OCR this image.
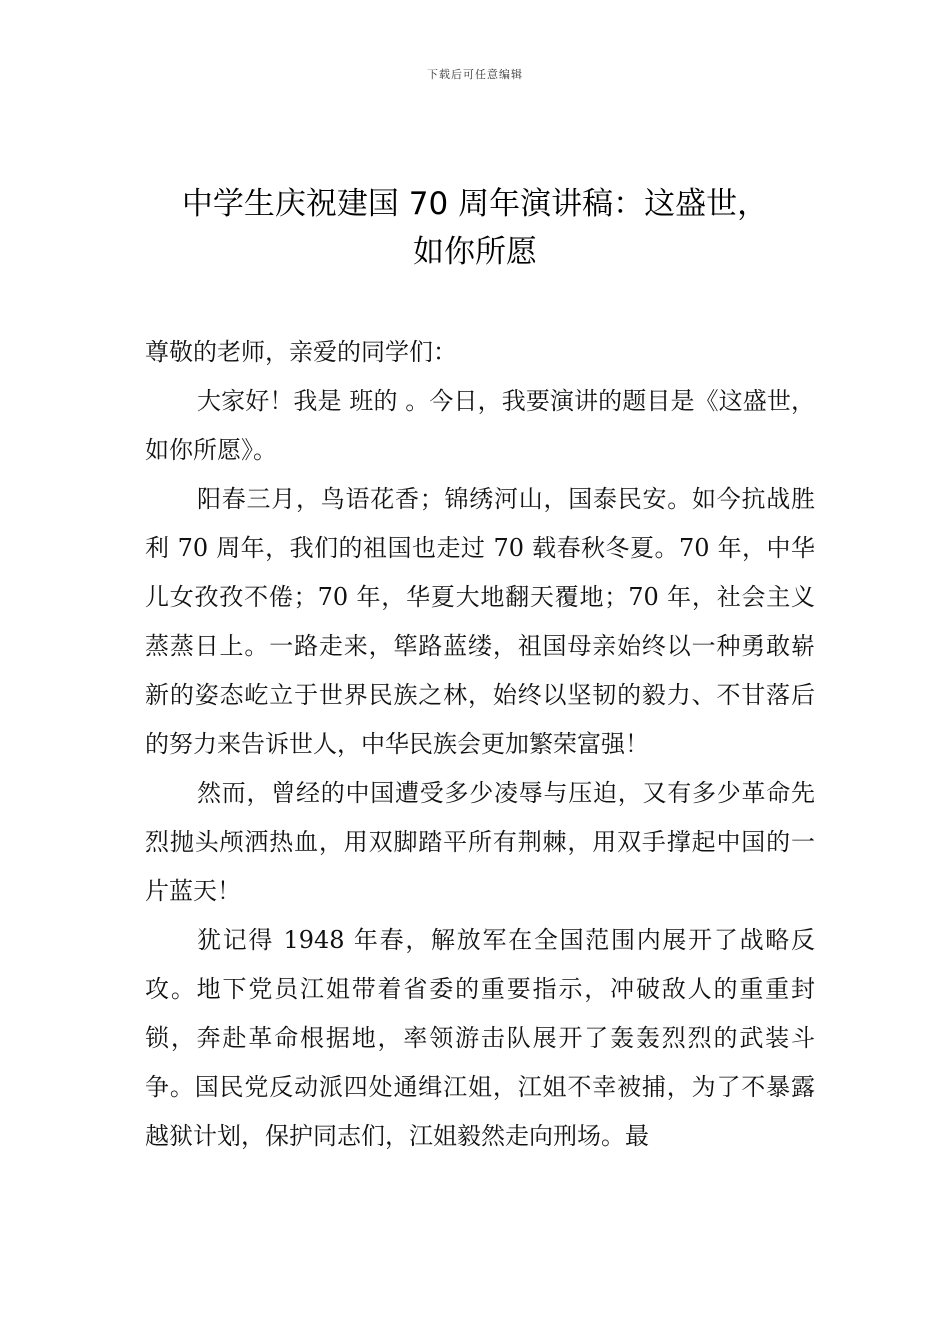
下载后可任意编辑
中学生庆祝建国 70 周年演讲稿：这盛世，
如你所愿

尊敬的老师，亲爱的同学们：

大家好！我是 班的 。今日，我要演讲的题目是《这盛世，如你所愿》。

阳春三月，鸟语花香；锦绣河山，国泰民安。如今抗战胜利 70 周年，我们的祖国也走过 70 载春秋冬夏。70 年，中华儿女孜孜不倦；70 年，华夏大地翻天覆地；70 年，社会主义蒸蒸日上。一路走来，筚路蓝缕，祖国母亲始终以一种勇敢崭新的姿态屹立于世界民族之林，始终以坚韧的毅力、不甘落后的努力来告诉世人，中华民族会更加繁荣富强！

然而，曾经的中国遭受多少凌辱与压迫，又有多少革命先烈抛头颅洒热血，用双脚踏平所有荆棘，用双手撑起中国的一片蓝天！

犹记得 1948 年春，解放军在全国范围内展开了战略反攻。地下党员江姐带着省委的重要指示，冲破敌人的重重封锁，奔赴革命根据地，率领游击队展开了轰轰烈烈的武装斗争。国民党反动派四处通缉江姐，江姐不幸被捕，为了不暴露越狱计划，保护同志们，江姐毅然走向刑场。最
